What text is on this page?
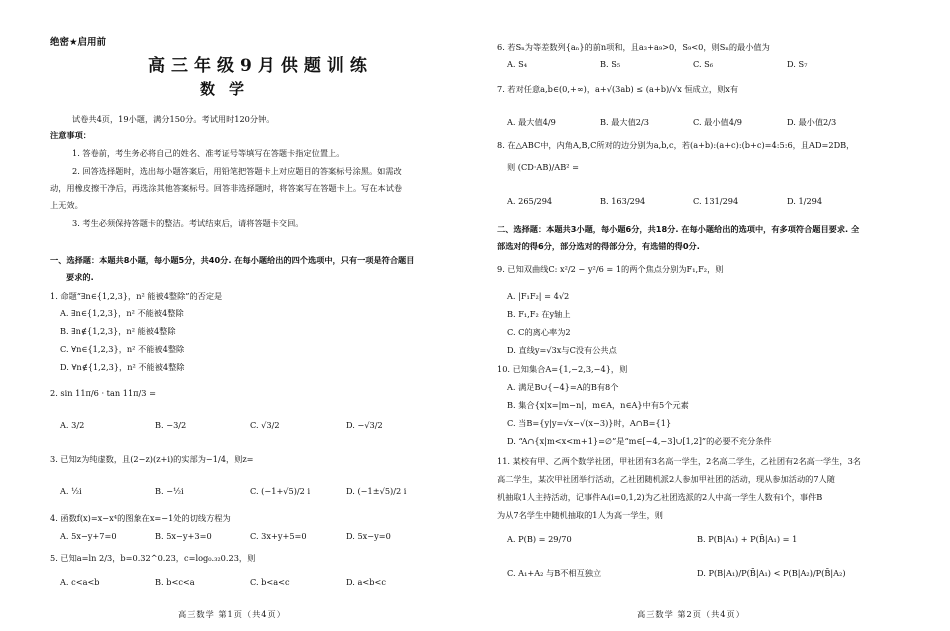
绝密★启用前
高三年级9月供题训练
数学
试卷共4页，19小题，满分150分。考试用时120分钟。
注意事项：
1. 答卷前，考生务必将自己的姓名、准考证号等填写在答题卡指定位置上。
2. 回答选择题时，选出每小题答案后，用铅笔把答题卡上对应题目的答案标号涂黑。如需改
动，用橡皮擦干净后，再选涂其他答案标号。回答非选择题时，将答案写在答题卡上。写在本试卷
上无效。
3. 考生必须保持答题卡的整洁。考试结束后，请将答题卡交回。
一、选择题：本题共8小题，每小题5分，共40分. 在每小题给出的四个选项中，只有一项是符合题目
要求的.
1. 命题“∃n∈{1,2,3}，n² 能被4整除”的否定是
A. ∃n∈{1,2,3}，n² 不能被4整除
B. ∃n∉{1,2,3}，n² 能被4整除
C. ∀n∈{1,2,3}，n² 不能被4整除
D. ∀n∉{1,2,3}，n² 不能被4整除
2. sin 11π/6 · tan 11π/3 =
A. 3/2	B. −3/2	C. √3/2	D. −√3/2
3. 已知z为纯虚数，且(2−z)(z+i)的实部为−1/4，则z=
A. ½i	B. −½i	C. (−1+√5)/2 i	D. (−1±√5)/2 i
4. 函数f(x)=x−x⁴的图象在x=−1处的切线方程为
A. 5x−y+7=0	B. 5x−y+3=0	C. 3x+y+5=0	D. 5x−y=0
5. 已知a=ln 2/3，b=0.32^0.23，c=log₀.₃₂0.23，则
A. c<a<b	B. b<c<a	C. b<a<c	D. a<b<c
高三数学 第1页（共4页）
6. 若Sₙ为等差数列{aₙ}的前n项和，且a₃+a₉>0，S₉<0，则Sₙ的最小值为
A. S₄	B. S₅	C. S₆	D. S₇
7. 若对任意a,b∈(0,+∞)，a+√(3ab) ≤ (a+b)/√x 恒成立，则x有
A. 最大值4/9	B. 最大值2/3	C. 最小值4/9	D. 最小值2/3
8. 在△ABC中，内角A,B,C所对的边分别为a,b,c，若(a+b):(a+c):(b+c)=4:5:6，且AD=2DB，
则 (CD·AB)/AB² =
A. 265/294	B. 163/294	C. 131/294	D. 1/294
二、选择题：本题共3小题，每小题6分，共18分. 在每小题给出的选项中，有多项符合题目要求. 全
部选对的得6分，部分选对的得部分分，有选错的得0分.
9. 已知双曲线C: x²/2 − y²/6 = 1的两个焦点分别为F₁,F₂，则
A. |F₁F₂| = 4√2
B. F₁,F₂ 在y轴上
C. C的离心率为2
D. 直线y=√3x与C没有公共点
10. 已知集合A={1,−2,3,−4}，则
A. 满足B∪{−4}=A的B有8个
B. 集合{x|x=|m−n|，m∈A，n∈A}中有5个元素
C. 当B={y|y=√x−√(x−3)}时，A∩B={1}
D. “A∩{x|m<x<m+1}=∅”是“m∈[−4,−3]∪[1,2]”的必要不充分条件
11. 某校有甲、乙两个数学社团，甲社团有3名高一学生，2名高二学生，乙社团有2名高一学生，3名
高二学生，某次甲社团举行活动，乙社团随机派2人参加甲社团的活动，现从参加活动的7人随
机抽取1人主持活动，记事件Aᵢ(i=0,1,2)为乙社团选派的2人中高一学生人数有i个，事件B
为从7名学生中随机抽取的1人为高一学生，则
A. P(B) = 29/70	B. P(B|A₁) + P(B̄|A₁) = 1
C. A₁+A₂ 与B不相互独立	D. P(B|A₁)/P(B̄|A₁) < P(B|A₂)/P(B̄|A₂)
高三数学 第2页（共4页）
